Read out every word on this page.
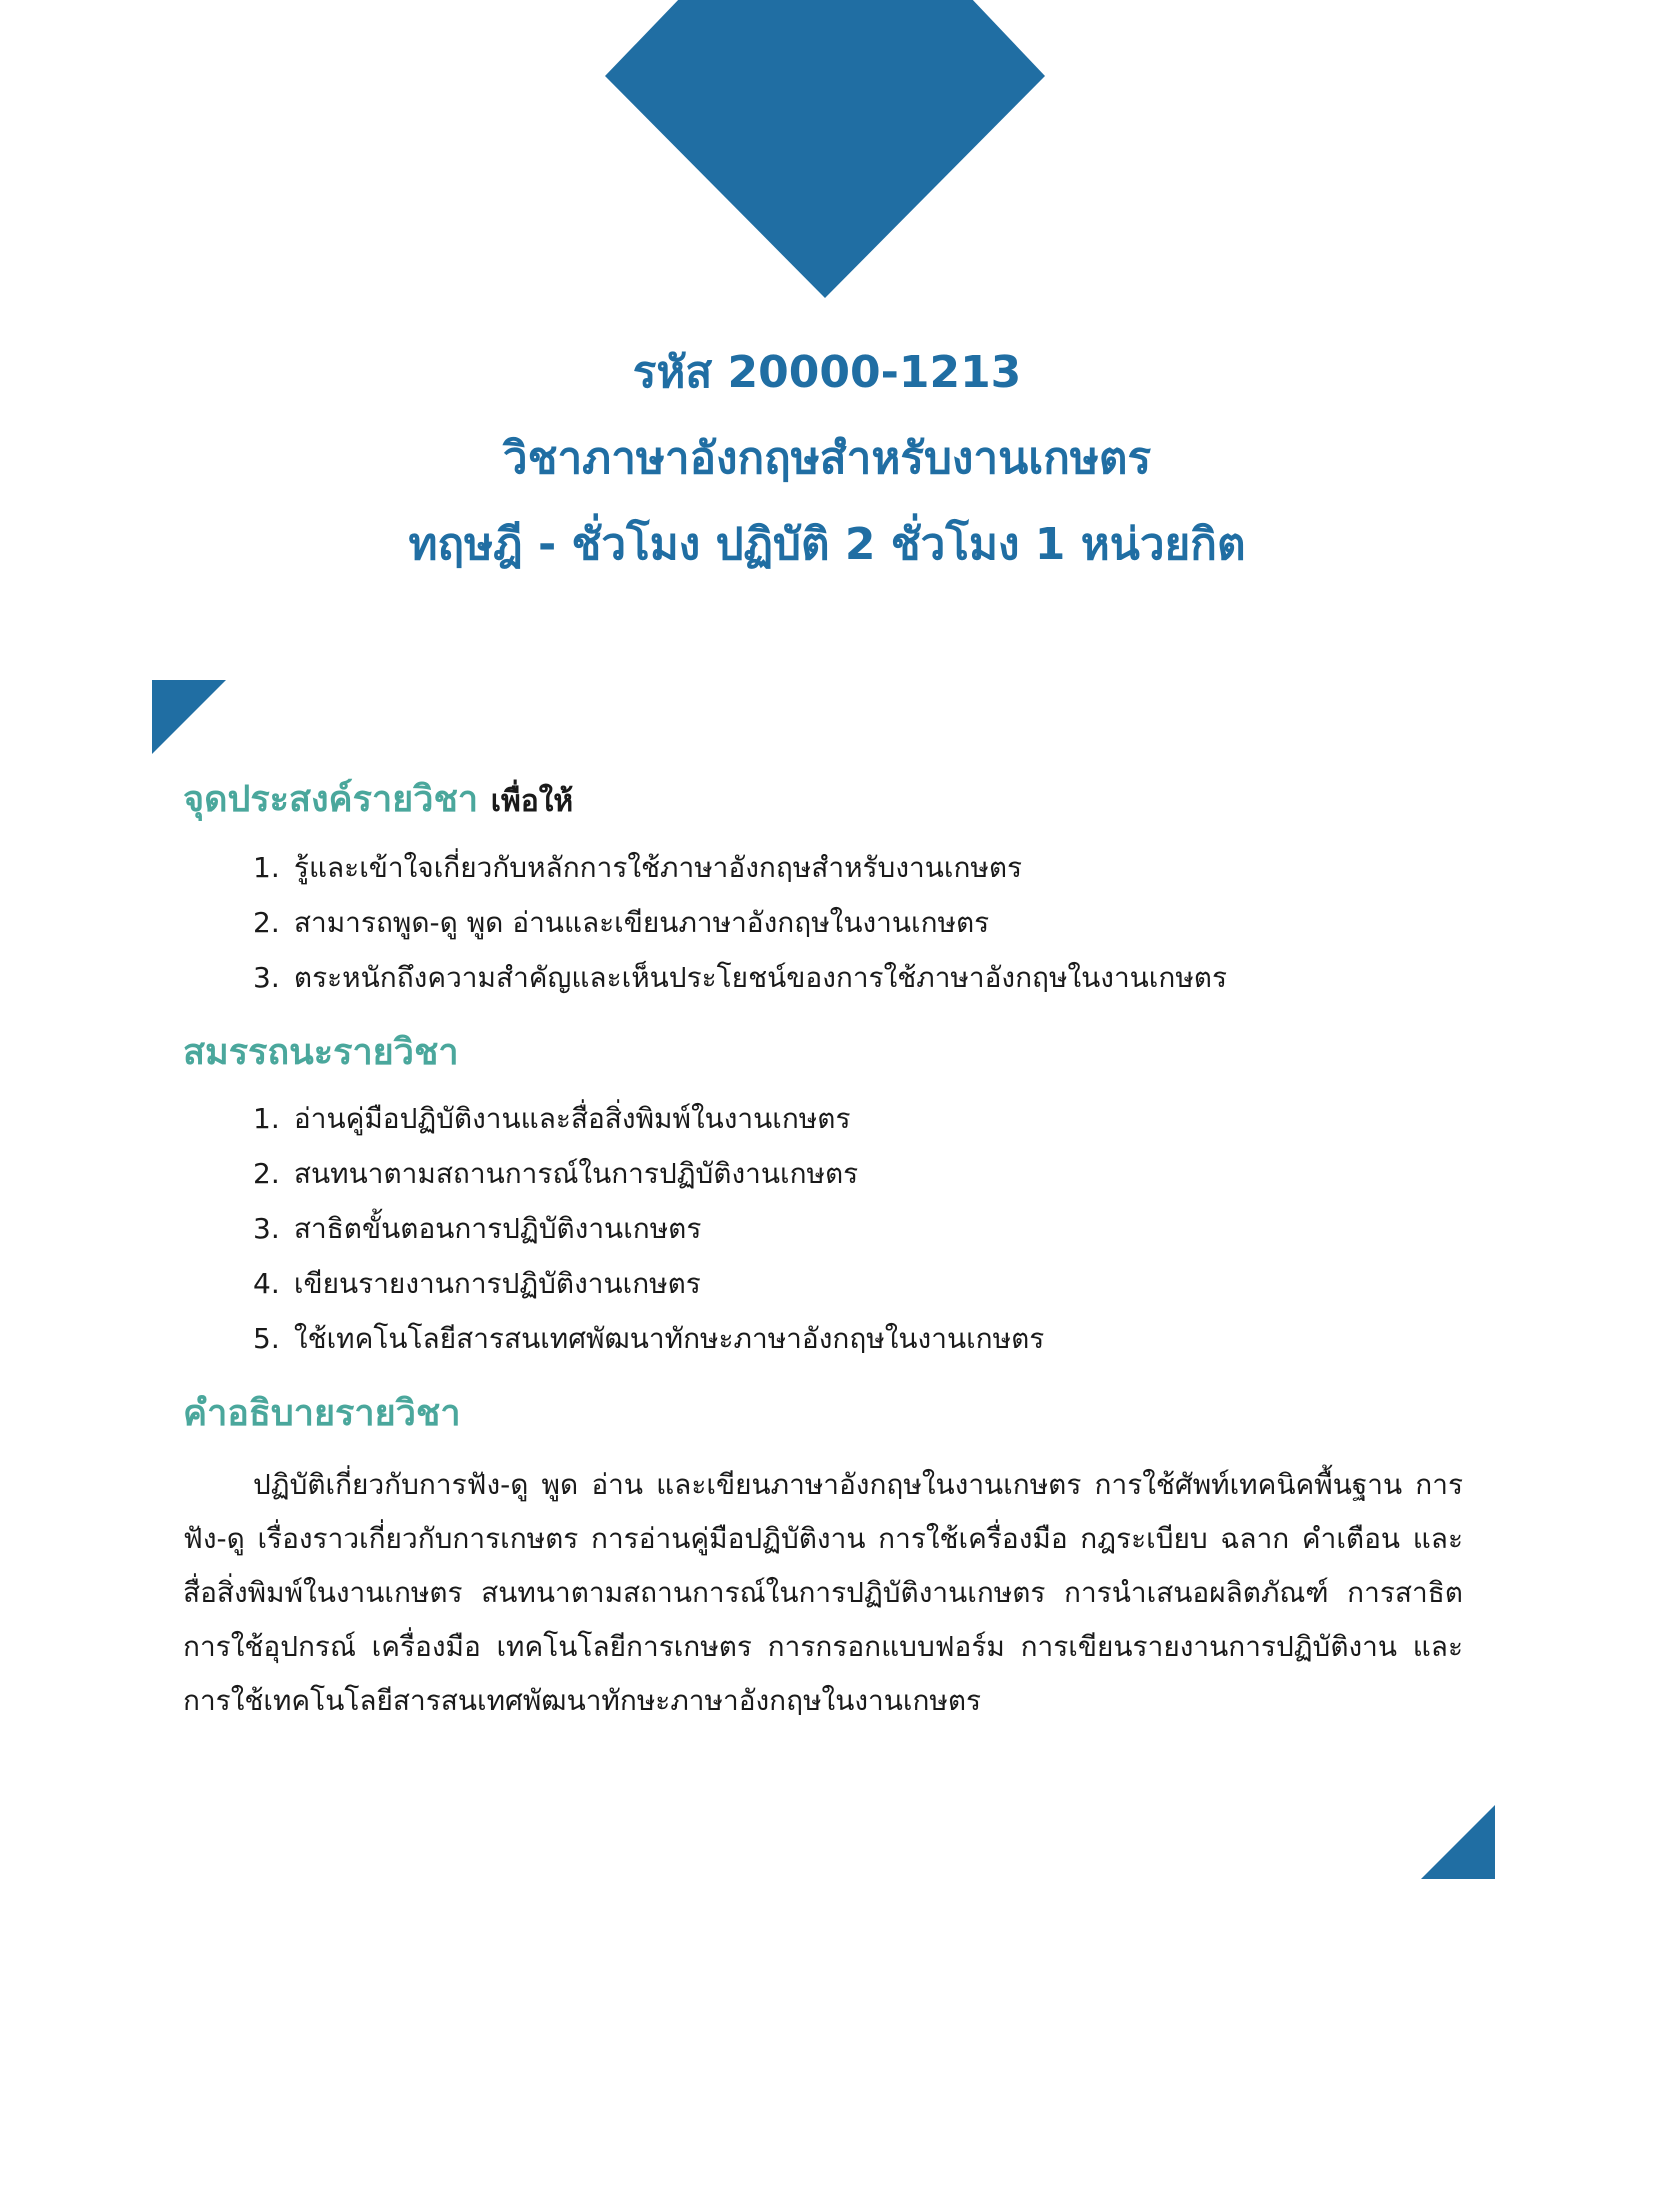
รหัส 20000-1213
วิชาภาษาอังกฤษสำหรับงานเกษตร
ทฤษฎี - ชั่วโมง ปฏิบัติ 2 ชั่วโมง 1 หน่วยกิต
จุดประสงค์รายวิชา เพื่อให้
1. รู้และเข้าใจเกี่ยวกับหลักการใช้ภาษาอังกฤษสำหรับงานเกษตร
2. สามารถพูด-ดู พูด อ่านและเขียนภาษาอังกฤษในงานเกษตร
3. ตระหนักถึงความสำคัญและเห็นประโยชน์ของการใช้ภาษาอังกฤษในงานเกษตร
สมรรถนะรายวิชา
1. อ่านคู่มือปฏิบัติงานและสื่อสิ่งพิมพ์ในงานเกษตร
2. สนทนาตามสถานการณ์ในการปฏิบัติงานเกษตร
3. สาธิตขั้นตอนการปฏิบัติงานเกษตร
4. เขียนรายงานการปฏิบัติงานเกษตร
5. ใช้เทคโนโลยีสารสนเทศพัฒนาทักษะภาษาอังกฤษในงานเกษตร
คำอธิบายรายวิชา

ปฏิบัติเกี่ยวกับการฟัง-ดู พูด อ่าน และเขียนภาษาอังกฤษในงานเกษตร การใช้ศัพท์เทคนิคพื้นฐาน การฟัง-ดู เรื่องราวเกี่ยวกับการเกษตร การอ่านคู่มือปฏิบัติงาน การใช้เครื่องมือ กฎระเบียบ ฉลาก คำเตือน และสื่อสิ่งพิมพ์ในงานเกษตร สนทนาตามสถานการณ์ในการปฏิบัติงานเกษตร การนำเสนอผลิตภัณฑ์ การสาธิต การใช้อุปกรณ์ เครื่องมือ เทคโนโลยีการเกษตร การกรอกแบบฟอร์ม การเขียนรายงานการปฏิบัติงาน และการใช้เทคโนโลยีสารสนเทศพัฒนาทักษะภาษาอังกฤษในงานเกษตร
